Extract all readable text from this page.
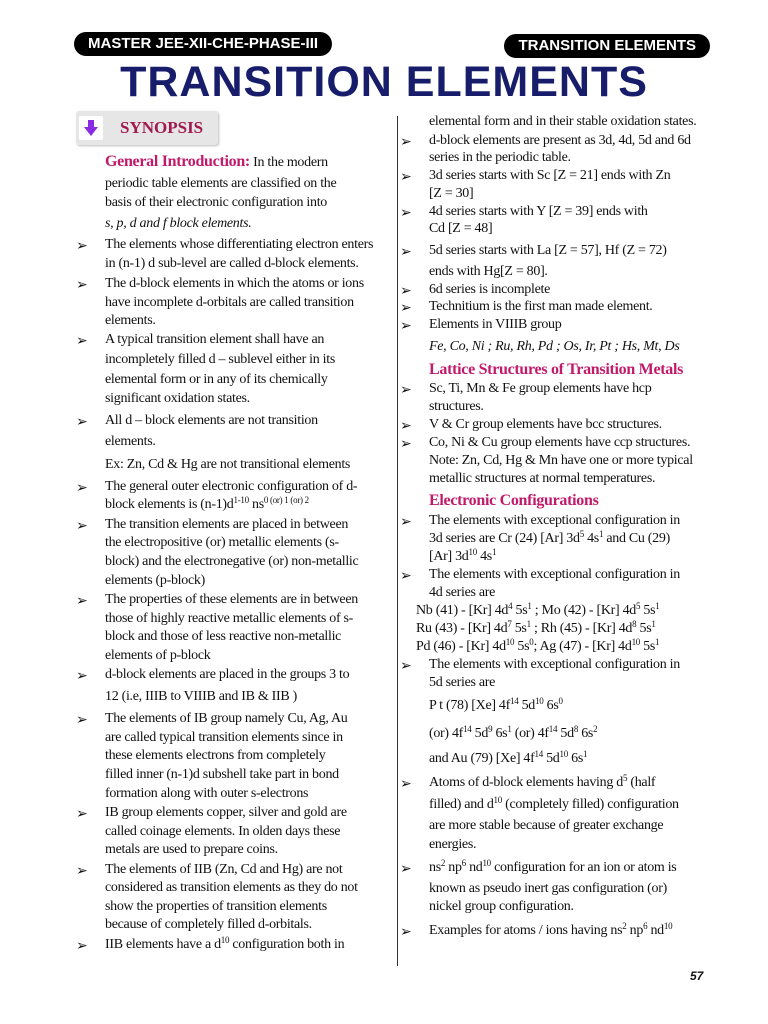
MASTER JEE-XII-CHE-PHASE-III	TRANSITION ELEMENTS
TRANSITION ELEMENTS
SYNOPSIS
General Introduction: In the modern
periodic table elements are classified on the
basis of their electronic configuration into
s, p, d and f block elements.
➢ The elements whose differentiating electron enters
in (n-1) d sub-level are called d-block elements.
➢ The d-block elements in which the atoms or ions
have incomplete d-orbitals are called transition
elements.
➢ A typical transition element shall have an
incompletely filled d – sublevel either in its
elemental form or in any of its chemically
significant oxidation states.
➢ All d – block elements are not transition
elements.
Ex: Zn, Cd & Hg are not transitional elements
➢ The general outer electronic configuration of d-
block elements is $(n-1)d^{1-10}$ $ns^{0 (or) 1 (or) 2}$
➢ The transition elements are placed in between
the electropositive (or) metallic elements (s-
block) and the electronegative (or) non-metallic
elements (p-block)
➢ The properties of these elements are in between
those of highly reactive metallic elements of s-
block and those of less reactive non-metallic
elements of p-block
➢ d-block elements are placed in the groups 3 to
12 (i.e, IIIB to VIIIB and IB & IIB )
➢ The elements of IB group namely Cu, Ag, Au
are called typical transition elements since in
these elements electrons from completely
filled inner (n-1)d subshell take part in bond
formation along with outer s-electrons
➢ IB group elements copper, silver and gold are
called coinage elements. In olden days these
metals are used to prepare coins.
➢ The elements of IIB (Zn, Cd and Hg) are not
considered as transition elements as they do not
show the properties of transition elements
because of completely filled d-orbitals.
➢ IIB elements have a $d^{10}$ configuration both in
elemental form and in their stable oxidation states.
➢ d-block elements are present as 3d, 4d, 5d and 6d
series in the periodic table.
➢ 3d series starts with Sc [Z = 21] ends with Zn
[Z = 30]
➢ 4d series starts with Y [Z = 39] ends with
Cd [Z = 48]
➢ 5d series starts with La [Z = 57], Hf (Z = 72)
ends with Hg[Z = 80].
➢ 6d series is incomplete
➢ Technitium is the first man made element.
➢ Elements in VIIIB group
Fe, Co, Ni ; Ru, Rh, Pd ; Os, Ir, Pt ; Hs, Mt, Ds
Lattice Structures of Transition Metals
➢ Sc, Ti, Mn & Fe group elements have hcp
structures.
➢ V & Cr group elements have bcc structures.
➢ Co, Ni & Cu group elements have ccp structures.
Note: Zn, Cd, Hg & Mn have one or more typical
metallic structures at normal temperatures.
Electronic Configurations
➢ The elements with exceptional configuration in
3d series are Cr (24) [Ar] $3d^5$ $4s^1$ and Cu (29)
[Ar] $3d^{10}$ $4s^1$
➢ The elements with exceptional configuration in
4d series are
Nb (41) - [Kr] $4d^4$ $5s^1$ ; Mo (42) - [Kr] $4d^5$ $5s^1$
Ru (43) - [Kr] $4d^7$ $5s^1$ ; Rh (45) - [Kr] $4d^8$ $5s^1$
Pd (46) - [Kr] $4d^{10}$ $5s^0$; Ag (47) - [Kr] $4d^{10}$ $5s^1$
➢ The elements with exceptional configuration in
5d series are
P t (78) [Xe] $4f^{14}$ $5d^{10}$ $6s^0$
(or) $4f^{14}$ $5d^9$ $6s^1$ (or) $4f^{14}$ $5d^8$ $6s^2$
and Au (79) [Xe] $4f^{14}$ $5d^{10}$ $6s^1$
➢ Atoms of d-block elements having $d^5$ (half
filled) and $d^{10}$ (completely filled) configuration
are more stable because of greater exchange
energies.
➢ $ns^2$ $np^6$ $nd^{10}$ configuration for an ion or atom is
known as pseudo inert gas configuration (or)
nickel group configuration.
➢ Examples for atoms / ions having $ns^2$ $np^6$ $nd^{10}$
57
